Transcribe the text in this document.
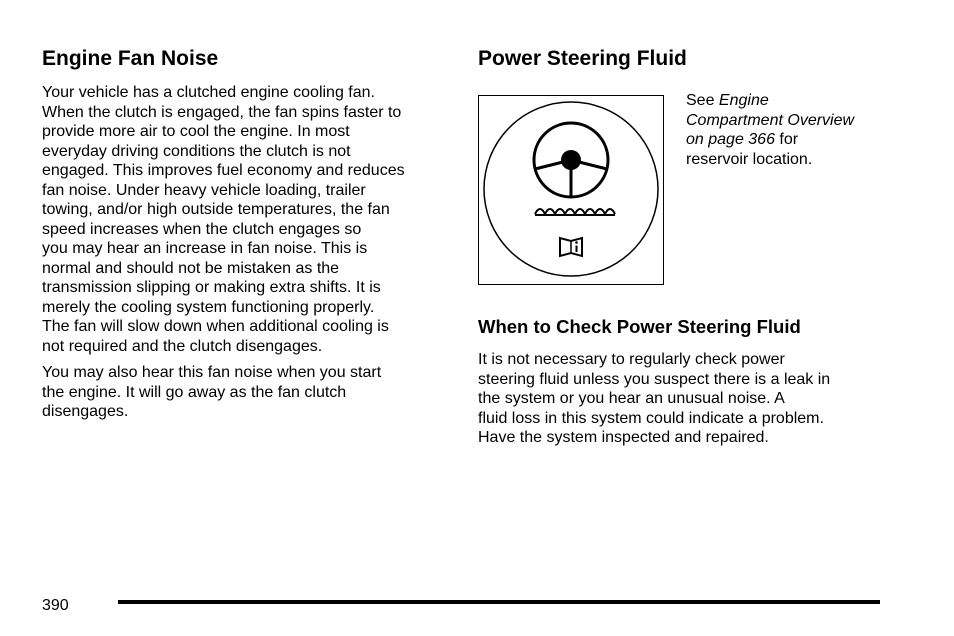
Engine Fan Noise

Your vehicle has a clutched engine cooling fan.
When the clutch is engaged, the fan spins faster to
provide more air to cool the engine. In most
everyday driving conditions the clutch is not
engaged. This improves fuel economy and reduces
fan noise. Under heavy vehicle loading, trailer
towing, and/or high outside temperatures, the fan
speed increases when the clutch engages so
you may hear an increase in fan noise. This is
normal and should not be mistaken as the
transmission slipping or making extra shifts. It is
merely the cooling system functioning properly.
The fan will slow down when additional cooling is
not required and the clutch disengages.

You may also hear this fan noise when you start
the engine. It will go away as the fan clutch
disengages.

Power Steering Fluid
See Engine
Compartment Overview
on page 366 for
reservoir location.
When to Check Power Steering Fluid

It is not necessary to regularly check power
steering fluid unless you suspect there is a leak in
the system or you hear an unusual noise. A
fluid loss in this system could indicate a problem.
Have the system inspected and repaired.

390
